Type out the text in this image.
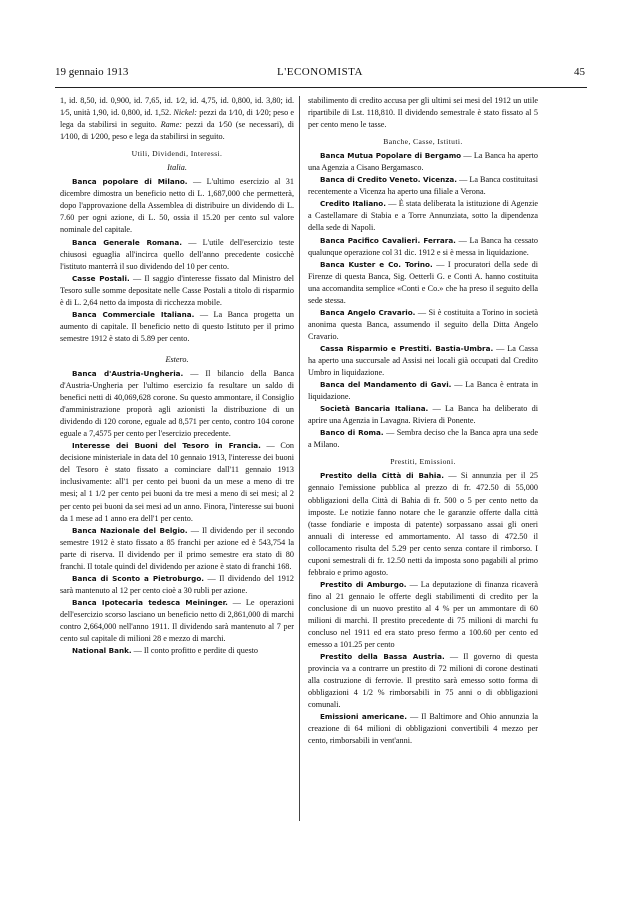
19 gennaio 1913	L'ECONOMISTA	45

1, id. 8,50, id. 0,900, id. 7,65, id. 1⁄2, id. 4,75, id. 0,800, id. 3,80; id. 1⁄5, unità 1,90, id. 0,800, id. 1,52. Nickel: pezzi da 1⁄10, di 1⁄20; peso e lega da stabilirsi in seguito. Rame: pezzi da 1⁄50 (se necessari), di 1⁄100, di 1⁄200, peso e lega da stabilirsi in seguito.

Utili, Dividendi, Interessi.
Italia.

Banca popolare di Milano. — L'ultimo esercizio al 31 dicembre dimostra un beneficio netto di L. 1,687,000 che permetterà, dopo l'approvazione della Assemblea di distribuire un dividendo di L. 7.60 per ogni azione, di L. 50, ossia il 15.20 per cento sul valore nominale del capitale.

Banca Generale Romana. — L'utile dell'esercizio teste chiusosi eguaglia all'incirca quello dell'anno precedente cosicchè l'istituto manterrà il suo dividendo del 10 per cento.

Casse Postali. — Il saggio d'interesse fissato dal Ministro del Tesoro sulle somme depositate nelle Casse Postali a titolo di risparmio è di L. 2,64 netto da imposta di ricchezza mobile.

Banca Commerciale Italiana. — La Banca progetta un aumento di capitale. Il beneficio netto di questo Istituto per il primo semestre 1912 è stato di 5.89 per cento.

Estero.

Banca d'Austria-Ungheria. — Il bilancio della Banca d'Austria-Ungheria per l'ultimo esercizio fa resultare un saldo di benefici netti di 40,069,628 corone. Su questo ammontare, il Consiglio d'amministrazione proporà agli azionisti la distribuzione di un dividendo di 120 corone, eguale ad 8,571 per cento, contro 104 corone eguale a 7,4575 per cento per l'esercizio precedente.

Interesse dei Buoni del Tesoro in Francia. — Con decisione ministeriale in data del 10 gennaio 1913, l'interesse dei buoni del Tesoro è stato fissato a cominciare dall'11 gennaio 1913 inclusivamente: all'1 per cento pei buoni da un mese a meno di tre mesi; al 1 1/2 per cento pei buoni da tre mesi a meno di sei mesi; al 2 per cento pei buoni da sei mesi ad un anno. Finora, l'interesse sui buoni da 1 mese ad 1 anno era dell'1 per cento.

Banca Nazionale del Belgio. — Il dividendo per il secondo semestre 1912 è stato fissato a 85 franchi per azione ed è 543,754 la parte di riserva. Il dividendo per il primo semestre era stato di 80 franchi. Il totale quindi del dividendo per azione è stato di franchi 168.

Banca di Sconto a Pietroburgo. — Il dividendo del 1912 sarà mantenuto al 12 per cento cioè a 30 rubli per azione.

Banca Ipotecaria tedesca Meininger. — Le operazioni dell'esercizio scorso lasciano un beneficio netto di 2,861,000 di marchi contro 2,664,000 nell'anno 1911. Il dividendo sarà mantenuto al 7 per cento sul capitale di milioni 28 e mezzo di marchi.

National Bank. — Il conto profitto e perdite di questo

stabilimento di credito accusa per gli ultimi sei mesi del 1912 un utile ripartibile di Lst. 118,810. Il dividendo semestrale è stato fissato al 5 per cento meno le tasse.

Banche, Casse, Istituti.

Banca Mutua Popolare di Bergamo — La Banca ha aperto una Agenzia a Cisano Bergamasco.

Banca di Credito Veneto. Vicenza. — La Banca costituitasi recentemente a Vicenza ha aperto una filiale a Verona.

Credito Italiano. — È stata deliberata la istituzione di Agenzie a Castellamare di Stabia e a Torre Annunziata, sotto la dipendenza della sede di Napoli.

Banca Pacifico Cavalieri. Ferrara. — La Banca ha cessato qualunque operazione col 31 dic. 1912 e si è messa in liquidazione.

Banca Kuster e Co. Torino. — I procuratori della sede di Firenze di questa Banca, Sig. Oetterli G. e Conti A. hanno costituita una accomandita semplice «Conti e Co.» che ha preso il seguito della sede stessa.

Banca Angelo Cravario. — Si è costituita a Torino in società anonima questa Banca, assumendo il seguito della Ditta Angelo Cravario.

Cassa Risparmio e Prestiti. Bastia-Umbra. — La Cassa ha aperto una succursale ad Assisi nei locali già occupati dal Credito Umbro in liquidazione.

Banca del Mandamento di Gavi. — La Banca è entrata in liquidazione.

Società Bancaria Italiana. — La Banca ha deliberato di aprire una Agenzia in Lavagna. Riviera di Ponente.

Banco di Roma. — Sembra deciso che la Banca apra una sede a Milano.

Prestiti, Emissioni.

Prestito della Città di Bahia. — Si annunzia per il 25 gennaio l'emissione pubblica al prezzo di fr. 472.50 di 55,000 obbligazioni della Città di Bahia di fr. 500 o 5 per cento netto da imposte. Le notizie fanno notare che le garanzie offerte dalla città (tasse fondiarie e imposta di patente) sorpassano assai gli oneri annuali di interesse ed ammortamento. Al tasso di 472.50 il collocamento risulta del 5.29 per cento senza contare il rimborso. I cuponi semestrali di fr. 12.50 netti da imposta sono pagabili al primo febbraio e primo agosto.

Prestito di Amburgo. — La deputazione di finanza ricaverà fino al 21 gennaio le offerte degli stabilimenti di credito per la conclusione di un nuovo prestito al 4 % per un ammontare di 60 milioni di marchi. Il prestito precedente di 75 milioni di marchi fu concluso nel 1911 ed era stato preso fermo a 100.60 per cento ed emesso a 101.25 per cento

Prestito della Bassa Austria. — Il governo di questa provincia va a contrarre un prestito di 72 milioni di corone destinati alla costruzione di ferrovie. Il prestito sarà emesso sotto forma di obbligazioni 4 1/2 % rimborsabili in 75 anni o di obbligazioni comunali.

Emissioni americane. — Il Baltimore and Ohio annunzia la creazione di 64 milioni di obbligazioni convertibili 4 mezzo per cento, rimborsabili in vent'anni.
